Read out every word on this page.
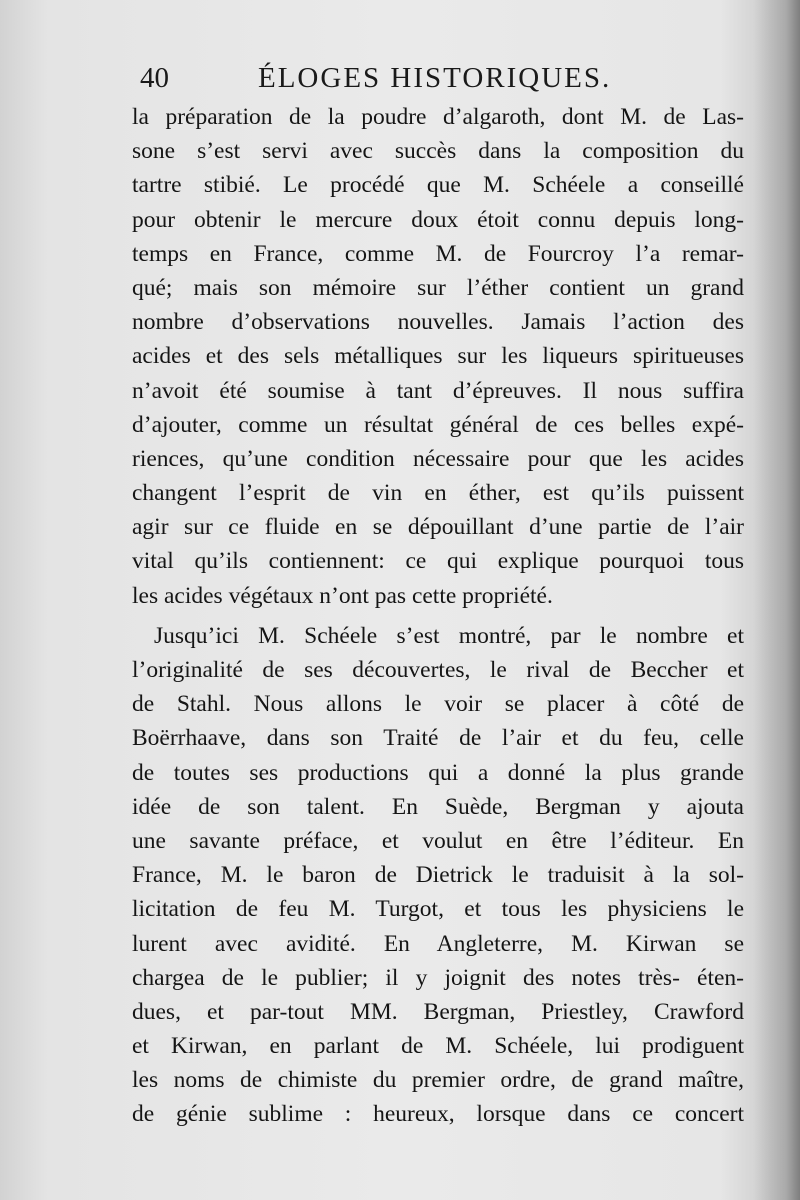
40	ÉLOGES HISTORIQUES.
la préparation de la poudre d’algaroth, dont M. de Las-
sone s’est servi avec succès dans la composition du
tartre stibié. Le procédé que M. Schéele a conseillé
pour obtenir le mercure doux étoit connu depuis long-
temps en France, comme M. de Fourcroy l’a remar-
qué; mais son mémoire sur l’éther contient un grand
nombre d’observations nouvelles. Jamais l’action des
acides et des sels métalliques sur les liqueurs spiritueuses
n’avoit été soumise à tant d’épreuves. Il nous suffira
d’ajouter, comme un résultat général de ces belles expé-
riences, qu’une condition nécessaire pour que les acides
changent l’esprit de vin en éther, est qu’ils puissent
agir sur ce fluide en se dépouillant d’une partie de l’air
vital qu’ils contiennent: ce qui explique pourquoi tous
les acides végétaux n’ont pas cette propriété.
Jusqu’ici M. Schéele s’est montré, par le nombre et
l’originalité de ses découvertes, le rival de Beccher et
de Stahl. Nous allons le voir se placer à côté de
Boërrhaave, dans son Traité de l’air et du feu, celle
de toutes ses productions qui a donné la plus grande
idée de son talent. En Suède, Bergman y ajouta
une savante préface, et voulut en être l’éditeur. En
France, M. le baron de Dietrick le traduisit à la sol-
licitation de feu M. Turgot, et tous les physiciens le
lurent avec avidité. En Angleterre, M. Kirwan se
chargea de le publier; il y joignit des notes très- éten-
dues, et par-tout MM. Bergman, Priestley, Crawford
et Kirwan, en parlant de M. Schéele, lui prodiguent
les noms de chimiste du premier ordre, de grand maître,
de génie sublime : heureux, lorsque dans ce concert
